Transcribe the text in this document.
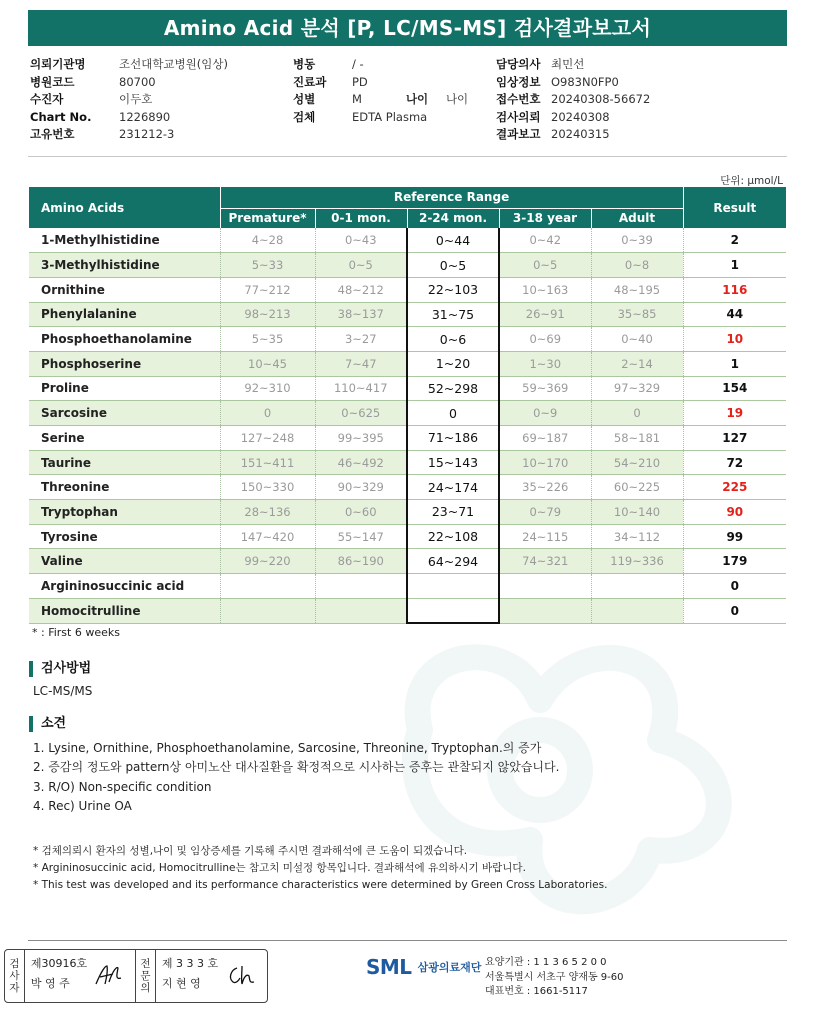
Amino Acid 분석 [P, LC/MS-MS] 검사결과보고서
의뢰기관명	조선대학교병원(임상)
병원코드	80700
수진자	이두호
Chart No.	1226890
고유번호	231212-3
병동	/ -
진료과	PD
성별	M	나이	나이
검체	EDTA Plasma
담당의사 최민선
임상정보 O983N0FP0
접수번호 20240308-56672
검사의뢰 20240308
결과보고 20240315
단위: μmol/L
Amino Acids	Reference Range					Result
	Premature*	0-1 mon.	2-24 mon.	3-18 year	Adult	
1-Methylhistidine	4~28	0~43	0~44	0~42	0~39	2
3-Methylhistidine	5~33	0~5	0~5	0~5	0~8	1
Ornithine	77~212	48~212	22~103	10~163	48~195	116
Phenylalanine	98~213	38~137	31~75	26~91	35~85	44
Phosphoethanolamine	5~35	3~27	0~6	0~69	0~40	10
Phosphoserine	10~45	7~47	1~20	1~30	2~14	1
Proline	92~310	110~417	52~298	59~369	97~329	154
Sarcosine	0	0~625	0	0~9	0	19
Serine	127~248	99~395	71~186	69~187	58~181	127
Taurine	151~411	46~492	15~143	10~170	54~210	72
Threonine	150~330	90~329	24~174	35~226	60~225	225
Tryptophan	28~136	0~60	23~71	0~79	10~140	90
Tyrosine	147~420	55~147	22~108	24~115	34~112	99
Valine	99~220	86~190	64~294	74~321	119~336	179
Argininosuccinic acid						0
Homocitrulline						0
* : First 6 weeks
검사방법
LC-MS/MS
소견
1. Lysine, Ornithine, Phosphoethanolamine, Sarcosine, Threonine, Tryptophan.의 증가
2. 증감의 정도와 pattern상 아미노산 대사질환을 확정적으로 시사하는 증후는 관찰되지 않았습니다.
3. R/O) Non-specific condition
4. Rec) Urine OA
* 검체의뢰시 환자의 성별,나이 및 임상증세를 기록해 주시면 결과해석에 큰 도움이 되겠습니다.
* Argininosuccinic acid, Homocitrulline는 참고치 미설정 항목입니다. 결과해석에 유의하시기 바랍니다.
* This test was developed and its performance characteristics were determined by Green Cross Laboratories.
검
사
자
제30916호
박 영 주
전
문
의
제 3 3 3 호
지 현 영
SML 삼광의료재단 요양기관 : 1 1 3 6 5 2 0 0
서울특별시 서초구 양재동 9-60
대표번호 : 1661-5117
